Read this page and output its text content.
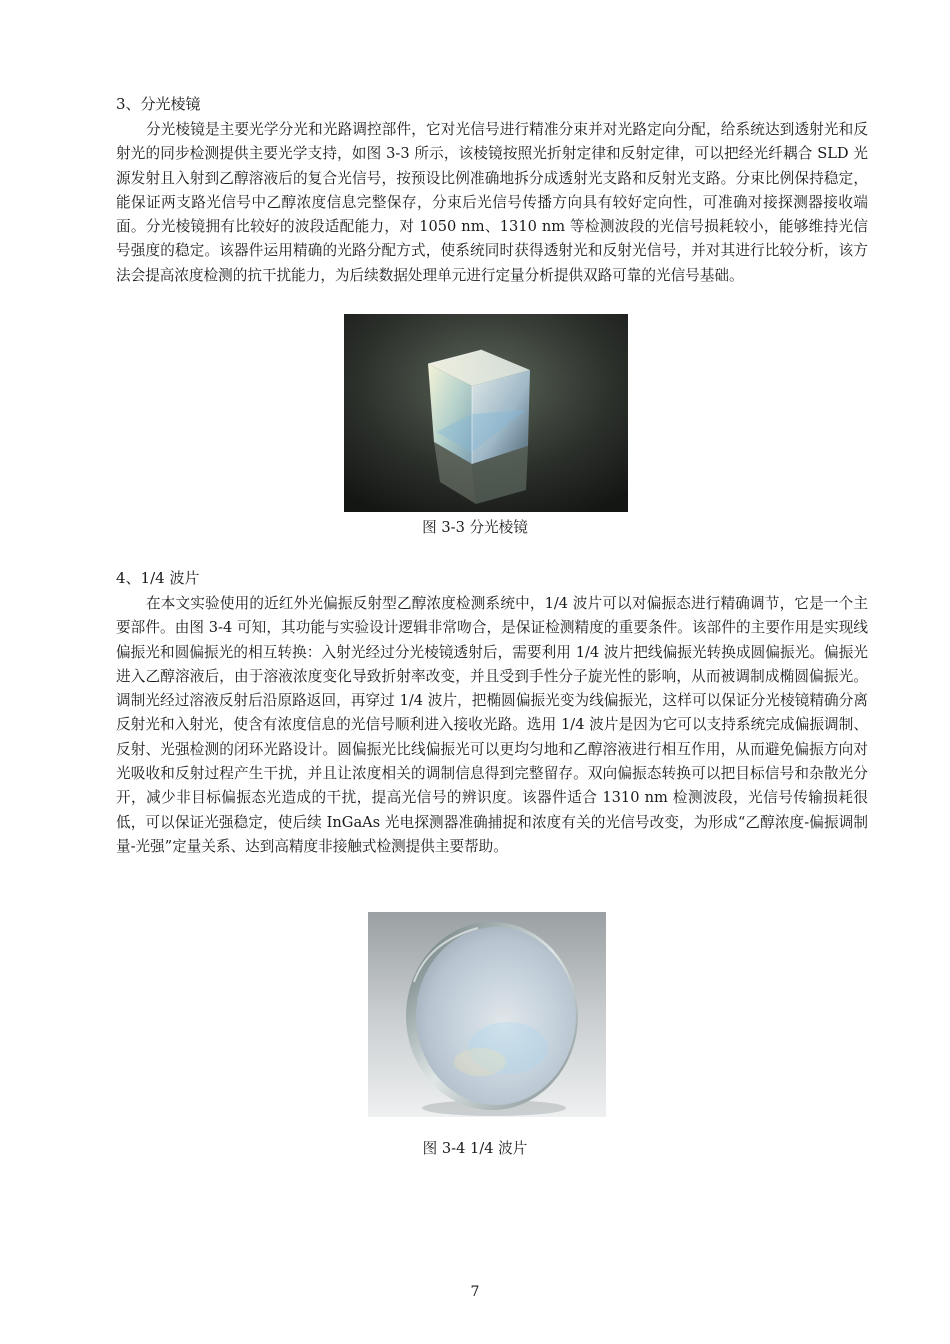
3、分光棱镜
分光棱镜是主要光学分光和光路调控部件，它对光信号进行精准分束并对光路定向分配，给系统达到透射光和反射光的同步检测提供主要光学支持，如图 3-3 所示，该棱镜按照光折射定律和反射定律，可以把经光纤耦合 SLD 光源发射且入射到乙醇溶液后的复合光信号，按预设比例准确地拆分成透射光支路和反射光支路。分束比例保持稳定，能保证两支路光信号中乙醇浓度信息完整保存，分束后光信号传播方向具有较好定向性，可准确对接探测器接收端面。分光棱镜拥有比较好的波段适配能力，对 1050 nm、1310 nm 等检测波段的光信号损耗较小，能够维持光信号强度的稳定。该器件运用精确的光路分配方式，使系统同时获得透射光和反射光信号，并对其进行比较分析，该方法会提高浓度检测的抗干扰能力，为后续数据处理单元进行定量分析提供双路可靠的光信号基础。
图 3-3 分光棱镜
4、1/4 波片
在本文实验使用的近红外光偏振反射型乙醇浓度检测系统中，1/4 波片可以对偏振态进行精确调节，它是一个主要部件。由图 3-4 可知，其功能与实验设计逻辑非常吻合，是保证检测精度的重要条件。该部件的主要作用是实现线偏振光和圆偏振光的相互转换：入射光经过分光棱镜透射后，需要利用 1/4 波片把线偏振光转换成圆偏振光。偏振光进入乙醇溶液后，由于溶液浓度变化导致折射率改变，并且受到手性分子旋光性的影响，从而被调制成椭圆偏振光。调制光经过溶液反射后沿原路返回，再穿过 1/4 波片，把椭圆偏振光变为线偏振光，这样可以保证分光棱镜精确分离反射光和入射光，使含有浓度信息的光信号顺利进入接收光路。选用 1/4 波片是因为它可以支持系统完成偏振调制、反射、光强检测的闭环光路设计。圆偏振光比线偏振光可以更均匀地和乙醇溶液进行相互作用，从而避免偏振方向对光吸收和反射过程产生干扰，并且让浓度相关的调制信息得到完整留存。双向偏振态转换可以把目标信号和杂散光分开，减少非目标偏振态光造成的干扰，提高光信号的辨识度。该器件适合 1310 nm 检测波段，光信号传输损耗很低，可以保证光强稳定，使后续 InGaAs 光电探测器准确捕捉和浓度有关的光信号改变，为形成“乙醇浓度-偏振调制量-光强”定量关系、达到高精度非接触式检测提供主要帮助。
图 3-4 1/4 波片
7
